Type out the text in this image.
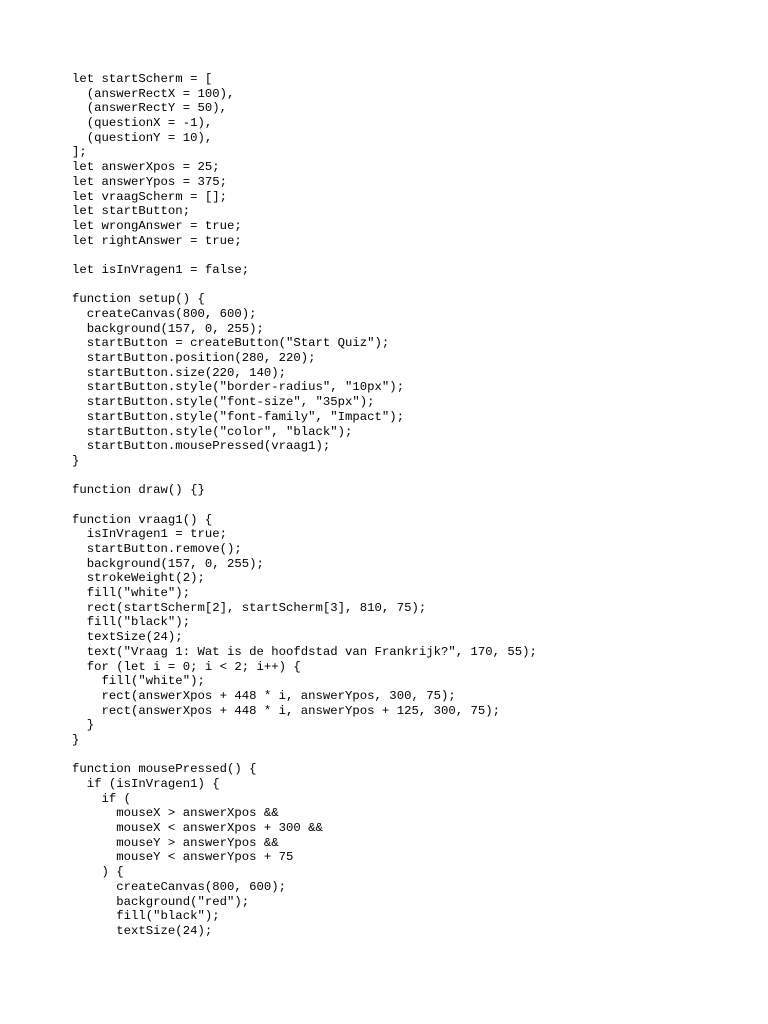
let startScherm = [
(answerRectX = 100),
(answerRectY = 50),
(questionX = -1),
(questionY = 10),
];
let answerXpos = 25;
let answerYpos = 375;
let vraagScherm = [];
let startButton;
let wrongAnswer = true;
let rightAnswer = true;
let isInVragen1 = false;
function setup() {
createCanvas(800, 600);
background(157, 0, 255);
startButton = createButton("Start Quiz");
startButton.position(280, 220);
startButton.size(220, 140);
startButton.style("border-radius", "10px");
startButton.style("font-size", "35px");
startButton.style("font-family", "Impact");
startButton.style("color", "black");
startButton.mousePressed(vraag1);
}
function draw() {}
function vraag1() {
isInVragen1 = true;
startButton.remove();
background(157, 0, 255);
strokeWeight(2);
fill("white");
rect(startScherm[2], startScherm[3], 810, 75);
fill("black");
textSize(24);
text("Vraag 1: Wat is de hoofdstad van Frankrijk?", 170, 55);
for (let i = 0; i < 2; i++) {
fill("white");
rect(answerXpos + 448 * i, answerYpos, 300, 75);
rect(answerXpos + 448 * i, answerYpos + 125, 300, 75);
}
}
function mousePressed() {
if (isInVragen1) {
if (
mouseX > answerXpos &&
mouseX < answerXpos + 300 &&
mouseY > answerYpos &&
mouseY < answerYpos + 75
) {
createCanvas(800, 600);
background("red");
fill("black");
textSize(24);
